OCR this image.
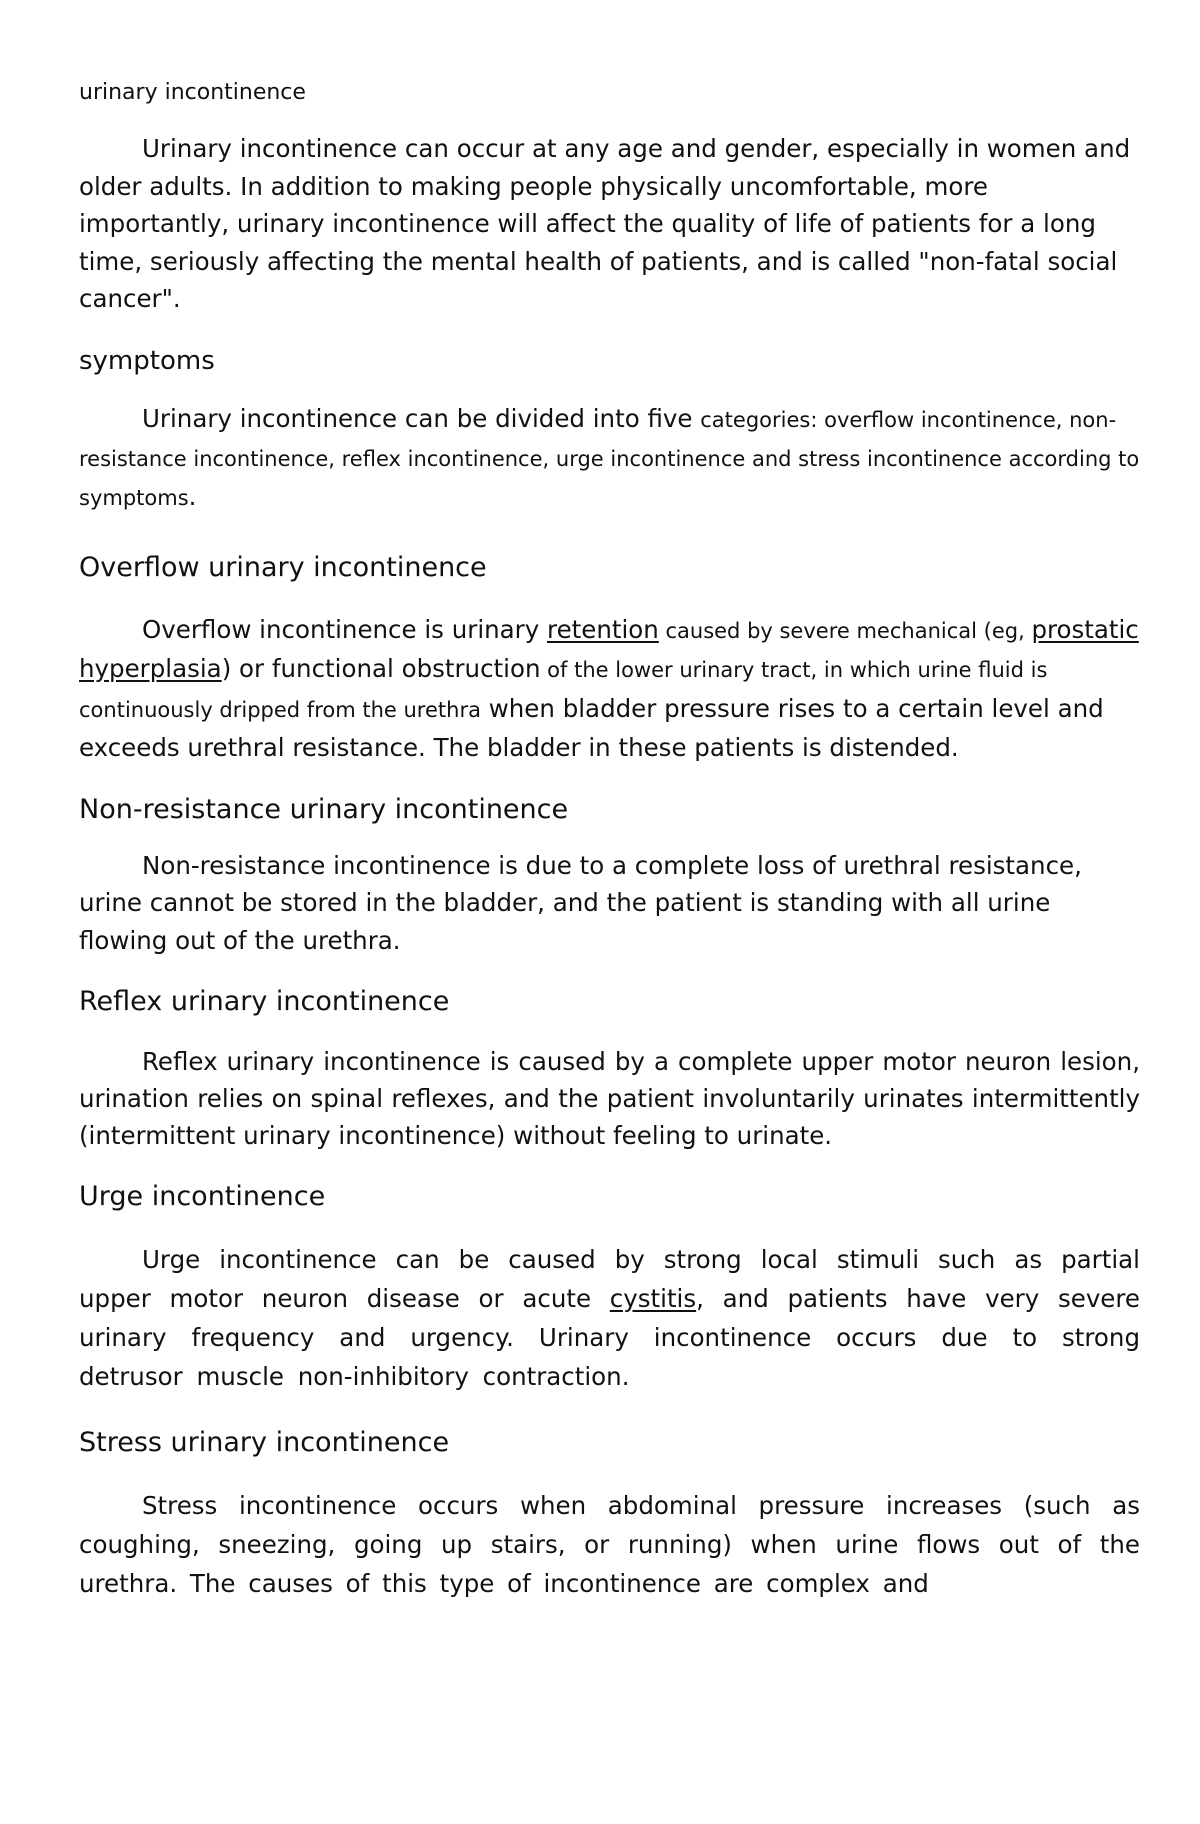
urinary incontinence

Urinary incontinence can occur at any age and gender, especially in women and older adults. In addition to making people physically uncomfortable, more importantly, urinary incontinence will affect the quality of life of patients for a long time, seriously affecting the mental health of patients, and is called "non-fatal social cancer".

symptoms

Urinary incontinence can be divided into five categories: overflow incontinence, non-resistance incontinence, reflex incontinence, urge incontinence and stress incontinence according to symptoms.

Overflow urinary incontinence

Overflow incontinence is urinary retention caused by severe mechanical (eg, prostatic hyperplasia) or functional obstruction of the lower urinary tract, in which urine fluid is continuously dripped from the urethra when bladder pressure rises to a certain level and exceeds urethral resistance. The bladder in these patients is distended.

Non-resistance urinary incontinence

Non-resistance incontinence is due to a complete loss of urethral resistance, urine cannot be stored in the bladder, and the patient is standing with all urine flowing out of the urethra.

Reflex urinary incontinence

Reflex urinary incontinence is caused by a complete upper motor neuron lesion, urination relies on spinal reflexes, and the patient involuntarily urinates intermittently (intermittent urinary incontinence) without feeling to urinate.

Urge incontinence

Urge incontinence can be caused by strong local stimuli such as partial upper motor neuron disease or acute cystitis, and patients have very severe urinary frequency and urgency. Urinary incontinence occurs due to strong detrusor muscle non-inhibitory contraction.

Stress urinary incontinence

Stress incontinence occurs when abdominal pressure increases (such as coughing, sneezing, going up stairs, or running) when urine flows out of the urethra. The causes of this type of incontinence are complex and
